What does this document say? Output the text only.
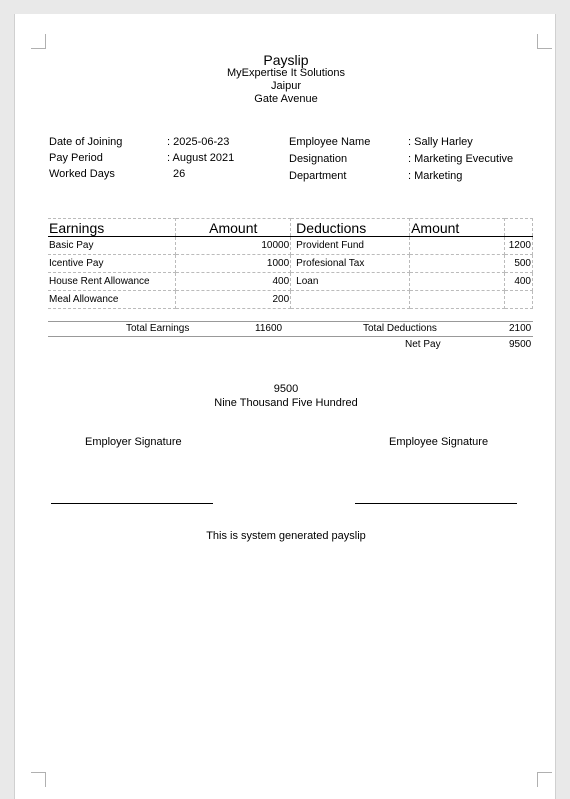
Payslip
MyExpertise It Solutions
Jaipur
Gate Avenue
Date of Joining	: 2025-06-23
Pay Period	: August 2021
Worked Days	26
Employee Name	: Sally Harley
Designation	: Marketing Evecutive
Department	: Marketing
Earnings	Amount	Deductions	Amount	
Basic Pay	10000	Provident Fund		1200
Icentive Pay	1000	Profesional Tax		500
House Rent Allowance	400	Loan		400
Meal Allowance	200			
Total Earnings	11600	Total Deductions	2100
Net Pay	9500
9500
Nine Thousand Five Hundred
Employer Signature	Employee Signature
This is system generated payslip
